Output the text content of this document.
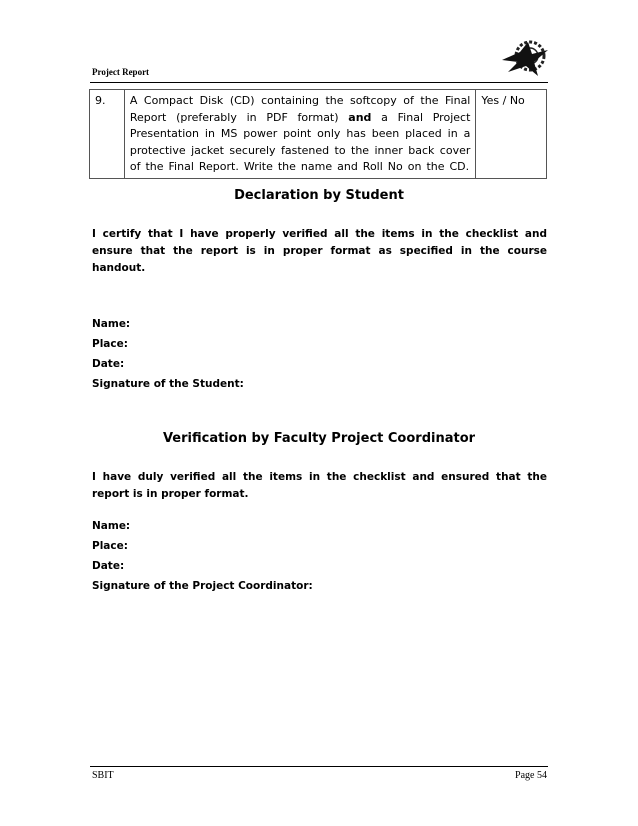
Project Report
9.	A Compact Disk (CD) containing the softcopy of the Final Report (preferably in PDF format) and a Final Project Presentation in MS power point only has been placed in a protective jacket securely fastened to the inner back cover of the Final Report. Write the name and Roll No on the CD.	Yes / No
Declaration by Student
I certify that I have properly verified all the items in the checklist and ensure that the report is in proper format as specified in the course handout.
Name:
Place:
Date:
Signature of the Student:
Verification by Faculty Project Coordinator
I have duly verified all the items in the checklist and ensured that the report is in proper format.
Name:
Place:
Date:
Signature of the Project Coordinator:
SBIT	Page 54
